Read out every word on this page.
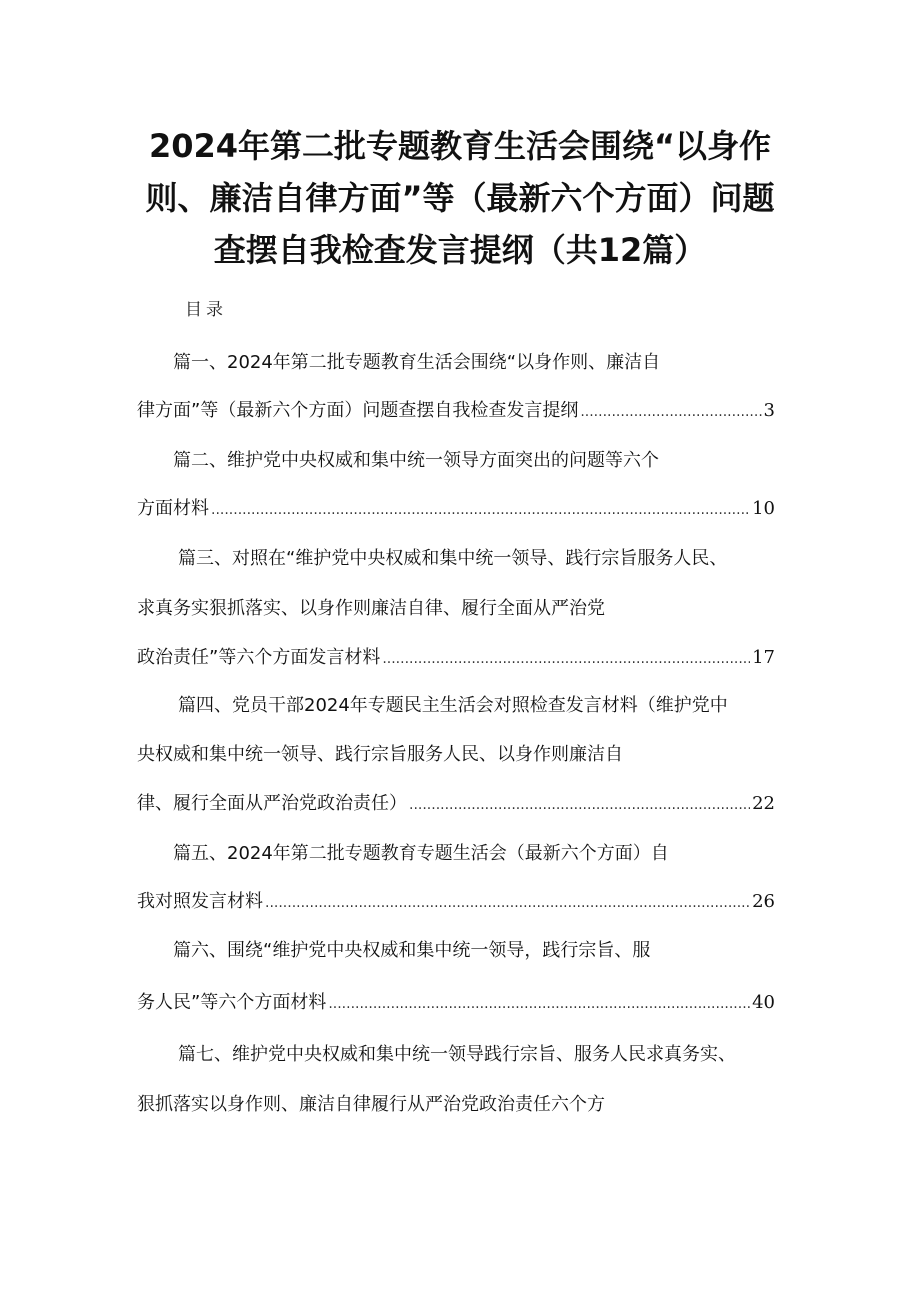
2024年第二批专题教育生活会围绕“以身作则、廉洁自律方面”等（最新六个方面）问题查摆自我检查发言提纲（共12篇）

目录

篇一、2024年第二批专题教育生活会围绕“以身作则、廉洁自

律方面”等（最新六个方面）问题查摆自我检查发言提纲 .....	3

篇二、维护党中央权威和集中统一领导方面突出的问题等六个

方面材料 .....	10

篇三、对照在“维护党中央权威和集中统一领导、践行宗旨服务人民、

求真务实狠抓落实、以身作则廉洁自律、履行全面从严治党

政治责任”等六个方面发言材料 .....	17

篇四、党员干部2024年专题民主生活会对照检查发言材料（维护党中

央权威和集中统一领导、践行宗旨服务人民、以身作则廉洁自

律、履行全面从严治党政治责任） .....	22

篇五、2024年第二批专题教育专题生活会（最新六个方面）自

我对照发言材料 .....	26

篇六、围绕“维护党中央权威和集中统一领导，践行宗旨、服

务人民”等六个方面材料 .....	40

篇七、维护党中央权威和集中统一领导践行宗旨、服务人民求真务实、

狠抓落实以身作则、廉洁自律履行从严治党政治责任六个方
